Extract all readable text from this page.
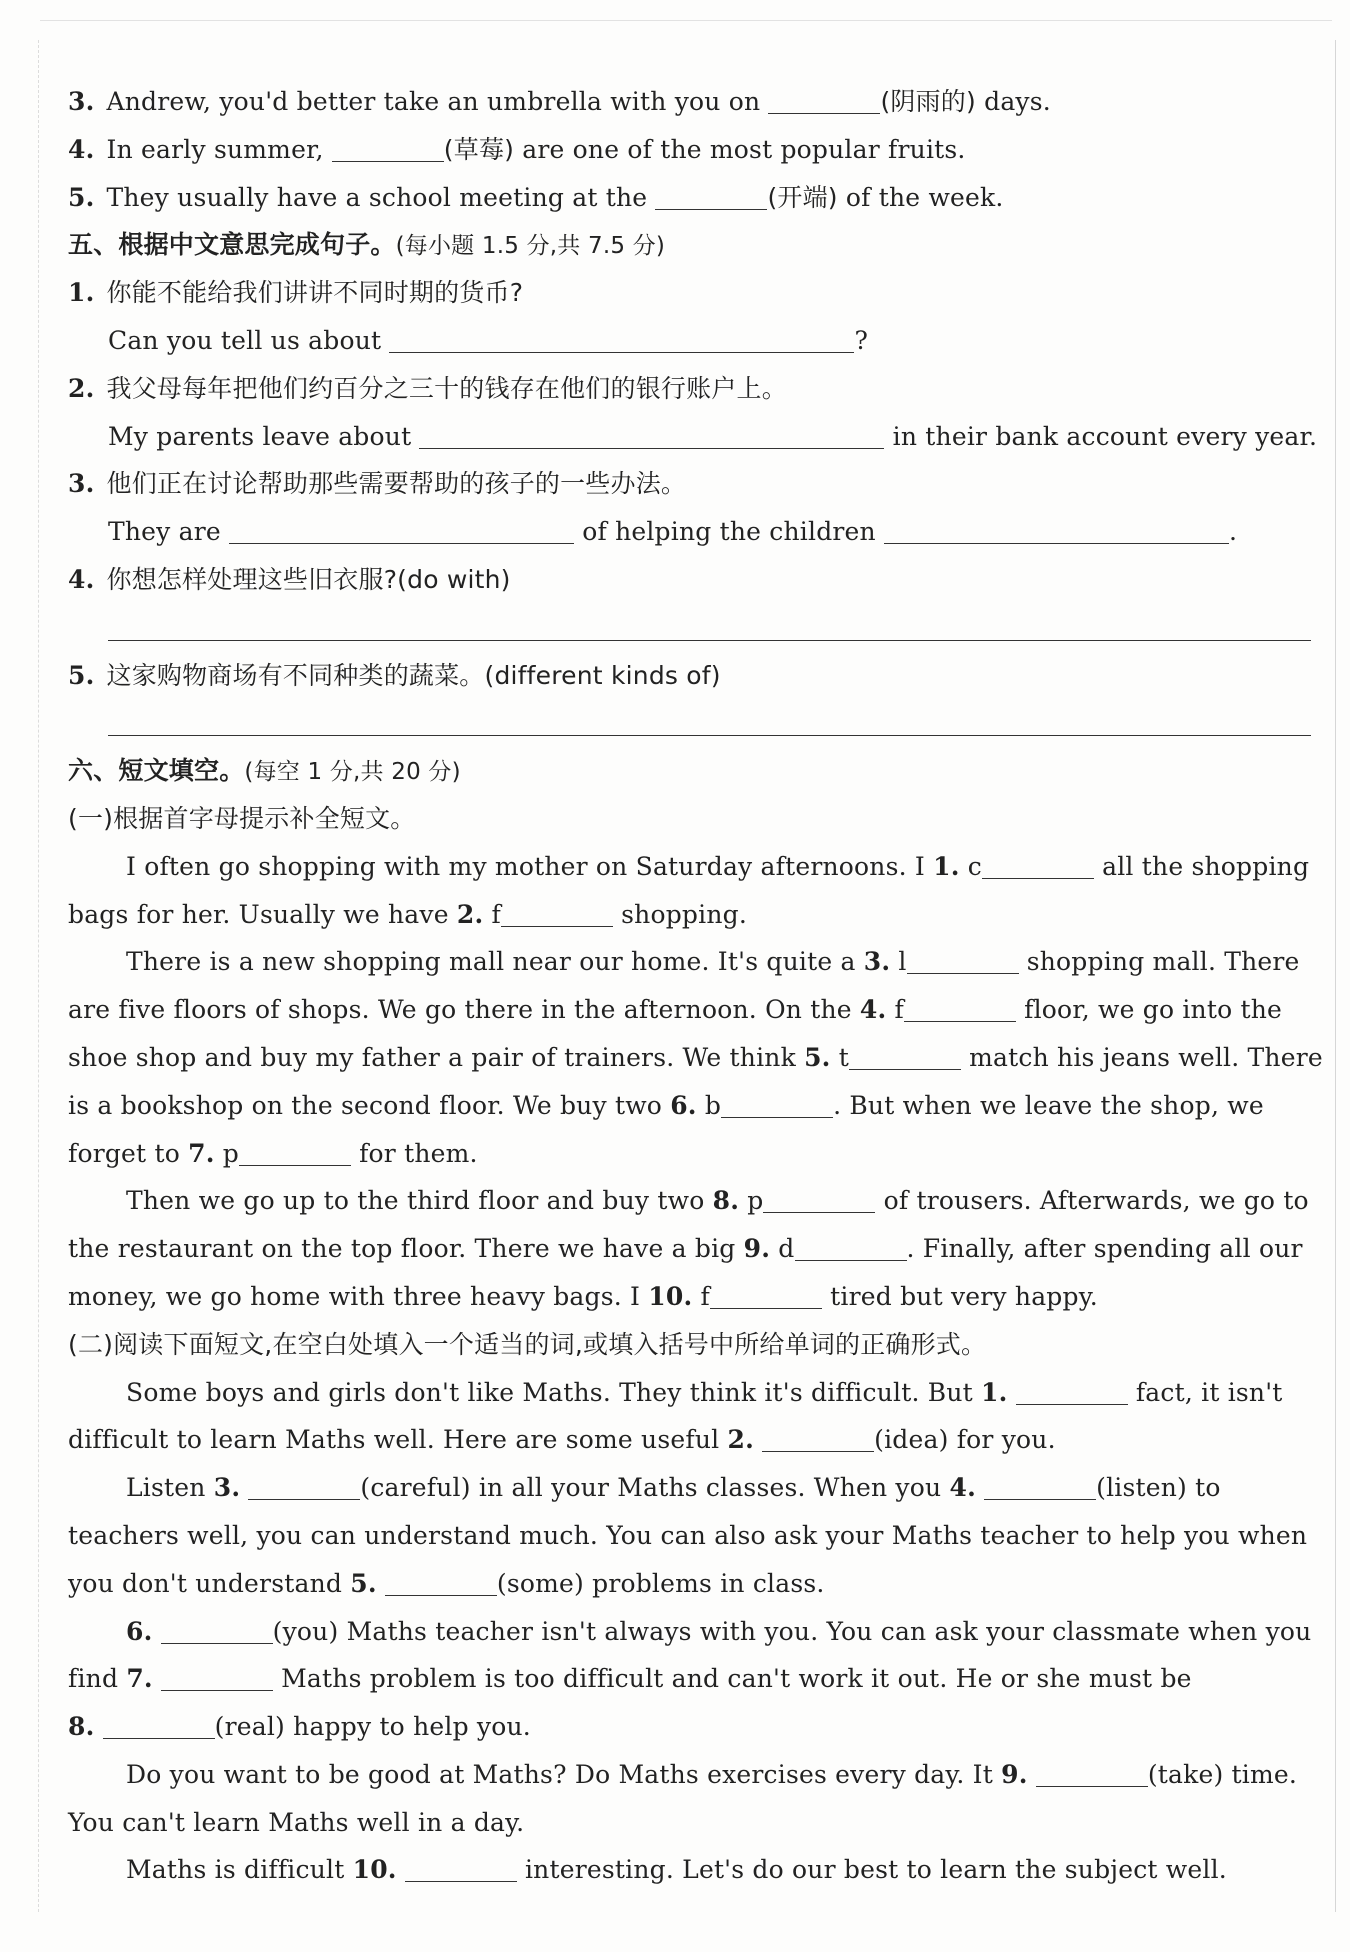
3. Andrew, you'd better take an umbrella with you on	(阴雨的) days.
4. In early summer,	(草莓) are one of the most popular fruits.
5. They usually have a school meeting at the	(开端) of the week.
五、根据中文意思完成句子。(每小题 1.5 分,共 7.5 分)
1. 你能不能给我们讲讲不同时期的货币?
Can you tell us about	?
2. 我父母每年把他们约百分之三十的钱存在他们的银行账户上。
My parents leave about	in their bank account every year.
3. 他们正在讨论帮助那些需要帮助的孩子的一些办法。
They are	of helping the children	.
4. 你想怎样处理这些旧衣服?(do with)
5. 这家购物商场有不同种类的蔬菜。(different kinds of)
六、短文填空。(每空 1 分,共 20 分)
(一)根据首字母提示补全短文。
I often go shopping with my mother on Saturday afternoons. I 1. c	all the shopping
bags for her. Usually we have 2. f	shopping.
There is a new shopping mall near our home. It's quite a 3. l	shopping mall. There
are five floors of shops. We go there in the afternoon. On the 4. f	floor, we go into the
shoe shop and buy my father a pair of trainers. We think 5. t	match his jeans well. There
is a bookshop on the second floor. We buy two 6. b	. But when we leave the shop, we
forget to 7. p	for them.
Then we go up to the third floor and buy two 8. p	of trousers. Afterwards, we go to
the restaurant on the top floor. There we have a big 9. d	. Finally, after spending all our
money, we go home with three heavy bags. I 10. f	tired but very happy.
(二)阅读下面短文,在空白处填入一个适当的词,或填入括号中所给单词的正确形式。
Some boys and girls don't like Maths. They think it's difficult. But 1.	fact, it isn't
difficult to learn Maths well. Here are some useful 2.	(idea) for you.
Listen 3.	(careful) in all your Maths classes. When you 4.	(listen) to
teachers well, you can understand much. You can also ask your Maths teacher to help you when
you don't understand 5.	(some) problems in class.
6.	(you) Maths teacher isn't always with you. You can ask your classmate when you
find 7.	Maths problem is too difficult and can't work it out. He or she must be
8.	(real) happy to help you.
Do you want to be good at Maths? Do Maths exercises every day. It 9.	(take) time.
You can't learn Maths well in a day.
Maths is difficult 10.	interesting. Let's do our best to learn the subject well.
